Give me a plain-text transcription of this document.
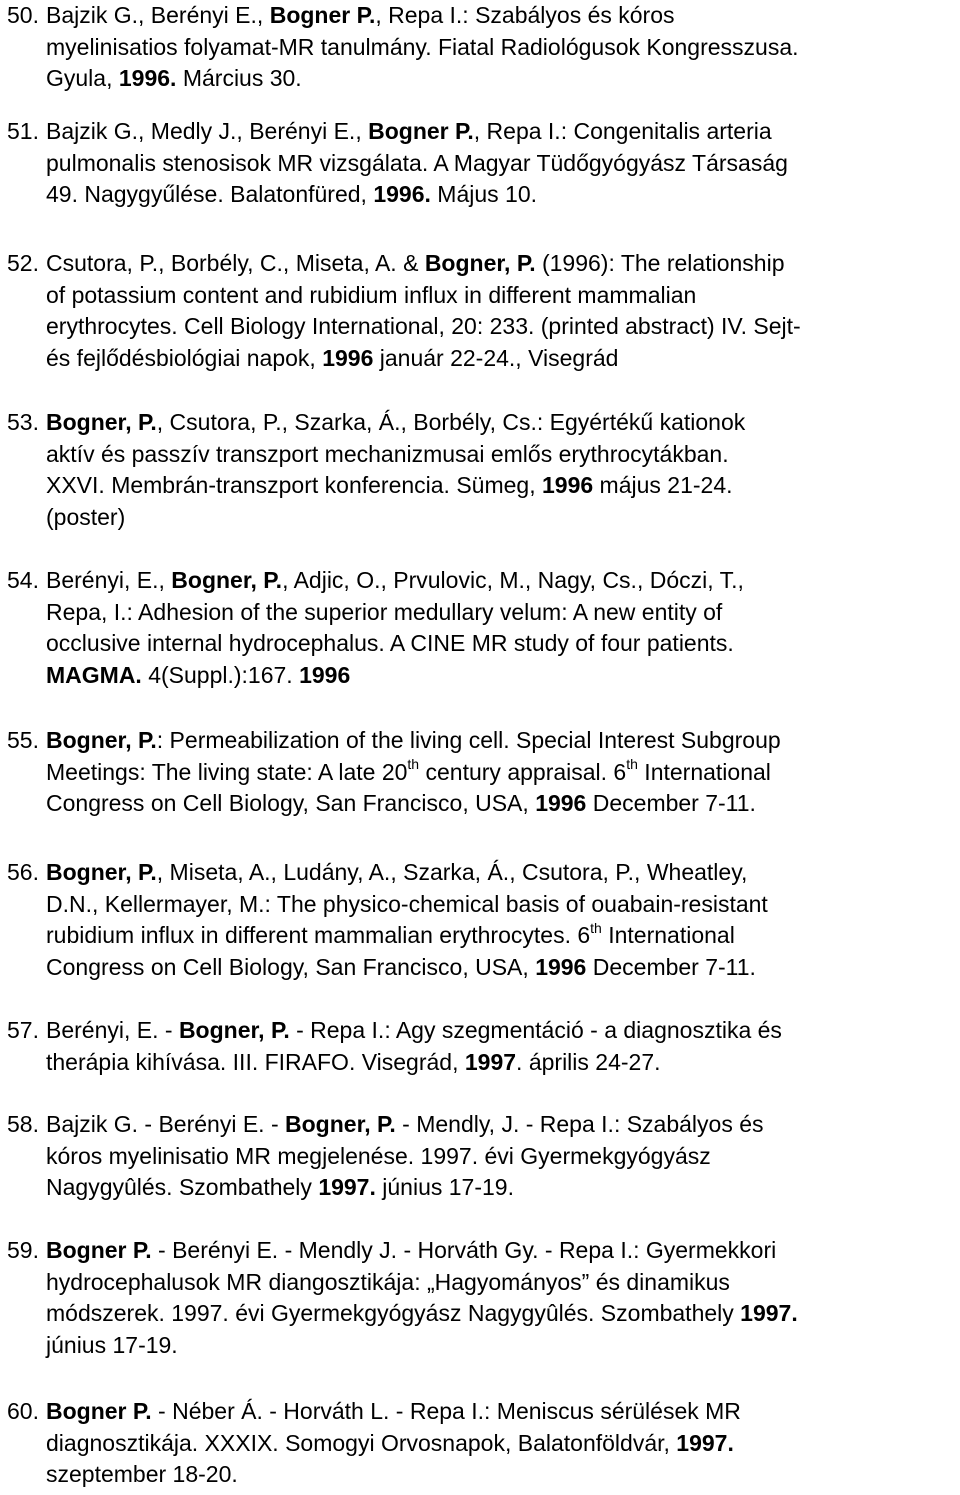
50. Bajzik G., Berényi E., Bogner P., Repa I.: Szabályos és kóros
myelinisatios folyamat-MR tanulmány. Fiatal Radiológusok Kongresszusa.
Gyula, 1996. Március 30.
51. Bajzik G., Medly J., Berényi E., Bogner P., Repa I.: Congenitalis arteria
pulmonalis stenosisok MR vizsgálata. A Magyar Tüdőgyógyász Társaság
49. Nagygyűlése. Balatonfüred, 1996. Május 10.
52. Csutora, P., Borbély, C., Miseta, A. & Bogner, P. (1996): The relationship
of potassium content and rubidium influx in different mammalian
erythrocytes. Cell Biology International, 20: 233. (printed abstract) IV. Sejt-
és fejlődésbiológiai napok, 1996 január 22-24., Visegrád
53. Bogner, P., Csutora, P., Szarka, Á., Borbély, Cs.: Egyértékű kationok
aktív és passzív transzport mechanizmusai emlős erythrocytákban.
XXVI. Membrán-transzport konferencia. Sümeg, 1996 május 21-24.
(poster)
54. Berényi, E., Bogner, P., Adjic, O., Prvulovic, M., Nagy, Cs., Dóczi, T.,
Repa, I.: Adhesion of the superior medullary velum: A new entity of
occlusive internal hydrocephalus. A CINE MR study of four patients.
MAGMA. 4(Suppl.):167. 1996
55. Bogner, P.: Permeabilization of the living cell. Special Interest Subgroup
Meetings: The living state: A late 20th century appraisal. 6th International
Congress on Cell Biology, San Francisco, USA, 1996 December 7-11.
56. Bogner, P., Miseta, A., Ludány, A., Szarka, Á., Csutora, P., Wheatley,
D.N., Kellermayer, M.: The physico-chemical basis of ouabain-resistant
rubidium influx in different mammalian erythrocytes. 6th International
Congress on Cell Biology, San Francisco, USA, 1996 December 7-11.
57. Berényi, E. - Bogner, P. - Repa I.: Agy szegmentáció - a diagnosztika és
therápia kihívása. III. FIRAFO. Visegrád, 1997. április 24-27.
58. Bajzik G. - Berényi E. - Bogner, P. - Mendly, J. - Repa I.: Szabályos és
kóros myelinisatio MR megjelenése. 1997. évi Gyermekgyógyász
Nagygyûlés. Szombathely 1997. június 17-19.
59. Bogner P. - Berényi E. - Mendly J. - Horváth Gy. - Repa I.: Gyermekkori
hydrocephalusok MR diangosztikája: „Hagyományos” és dinamikus
módszerek. 1997. évi Gyermekgyógyász Nagygyûlés. Szombathely 1997.
június 17-19.
60. Bogner P. - Néber Á. - Horváth L. - Repa I.: Meniscus sérülések MR
diagnosztikája. XXXIX. Somogyi Orvosnapok, Balatonföldvár, 1997.
szeptember 18-20.
